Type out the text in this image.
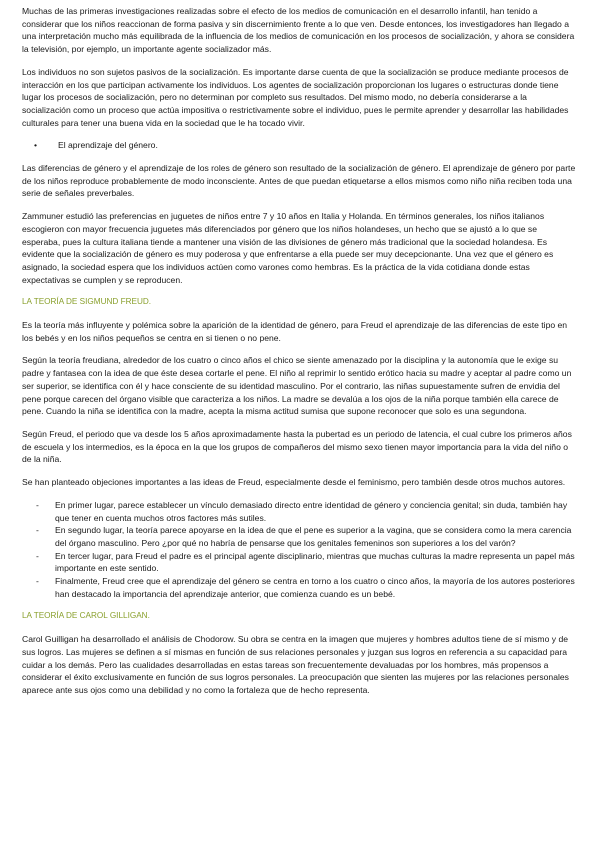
Muchas de las primeras investigaciones realizadas sobre el efecto de los medios de comunicación en el desarrollo infantil, han tenido a considerar que los niños reaccionan de forma pasiva y sin discernimiento frente a lo que ven. Desde entonces, los investigadores han llegado a una interpretación mucho más equilibrada de la influencia de los medios de comunicación en los procesos de socialización, y ahora se considera la televisión, por ejemplo, un importante agente socializador más.

Los individuos no son sujetos pasivos de la socialización. Es importante darse cuenta de que la socialización se produce mediante procesos de interacción en los que participan activamente los individuos. Los agentes de socialización proporcionan los lugares o estructuras donde tiene lugar los procesos de socialización, pero no determinan por completo sus resultados. Del mismo modo, no debería considerarse a la socialización como un proceso que actúa impositiva o restrictivamente sobre el individuo, pues le permite aprender y desarrollar las habilidades culturales para tener una buena vida en la sociedad que le ha tocado vivir.

•	El aprendizaje del género.

Las diferencias de género y el aprendizaje de los roles de género son resultado de la socialización de género. El aprendizaje de género por parte de los niños reproduce probablemente de modo inconsciente. Antes de que puedan etiquetarse a ellos mismos como niño niña reciben toda una serie de señales preverbales.

Zammuner estudió las preferencias en juguetes de niños entre 7 y 10 años en Italia y Holanda. En términos generales, los niños italianos escogieron con mayor frecuencia juguetes más diferenciados por género que los niños holandeses, un hecho que se ajustó a lo que se esperaba, pues la cultura italiana tiende a mantener una visión de las divisiones de género más tradicional que la sociedad holandesa. Es evidente que la socialización de género es muy poderosa y que enfrentarse a ella puede ser muy decepcionante. Una vez que el género es asignado, la sociedad espera que los individuos actúen como varones como hembras. Es la práctica de la vida cotidiana donde estas expectativas se cumplen y se reproducen.

LA TEORÍA DE SIGMUND FREUD.

Es la teoría más influyente y polémica sobre la aparición de la identidad de género, para Freud el aprendizaje de las diferencias de este tipo en los bebés y en los niños pequeños se centra en si tienen o no pene.

Según la teoría freudiana, alrededor de los cuatro o cinco años el chico se siente amenazado por la disciplina y la autonomía que le exige su padre y fantasea con la idea de que éste desea cortarle el pene. El niño al reprimir lo sentido erótico hacia su madre y aceptar al padre como un ser superior, se identifica con él y hace consciente de su identidad masculino. Por el contrario, las niñas supuestamente sufren de envidia del pene porque carecen del órgano visible que caracteriza a los niños. La madre se devalúa a los ojos de la niña porque también ella carece de pene. Cuando la niña se identifica con la madre, acepta la misma actitud sumisa que supone reconocer que solo es una segundona.

Según Freud, el periodo que va desde los 5 años aproximadamente hasta la pubertad es un periodo de latencia, el cual cubre los primeros años de escuela y los intermedios, es la época en la que los grupos de compañeros del mismo sexo tienen mayor importancia para la vida del niño o de la niña.

Se han planteado objeciones importantes a las ideas de Freud, especialmente desde el feminismo, pero también desde otros muchos autores.

-	En primer lugar, parece establecer un vínculo demasiado directo entre identidad de género y conciencia genital; sin duda, también hay que tener en cuenta muchos otros factores más sutiles.
-	En segundo lugar, la teoría parece apoyarse en la idea de que el pene es superior a la vagina, que se considera como la mera carencia del órgano masculino. Pero ¿por qué no habría de pensarse que los genitales femeninos son superiores a los del varón?
-	En tercer lugar, para Freud el padre es el principal agente disciplinario, mientras que muchas culturas la madre representa un papel más importante en este sentido.
-	Finalmente, Freud cree que el aprendizaje del género se centra en torno a los cuatro o cinco años, la mayoría de los autores posteriores han destacado la importancia del aprendizaje anterior, que comienza cuando es un bebé.
LA TEORÍA DE CAROL GILLIGAN.

Carol Guilligan ha desarrollado el análisis de Chodorow. Su obra se centra en la imagen que mujeres y hombres adultos tiene de sí mismo y de sus logros. Las mujeres se definen a sí mismas en función de sus relaciones personales y juzgan sus logros en referencia a su capacidad para cuidar a los demás. Pero las cualidades desarrolladas en estas tareas son frecuentemente devaluadas por los hombres, más propensos a considerar el éxito exclusivamente en función de sus logros personales. La preocupación que sienten las mujeres por las relaciones personales aparece ante sus ojos como una debilidad y no como la fortaleza que de hecho representa.
